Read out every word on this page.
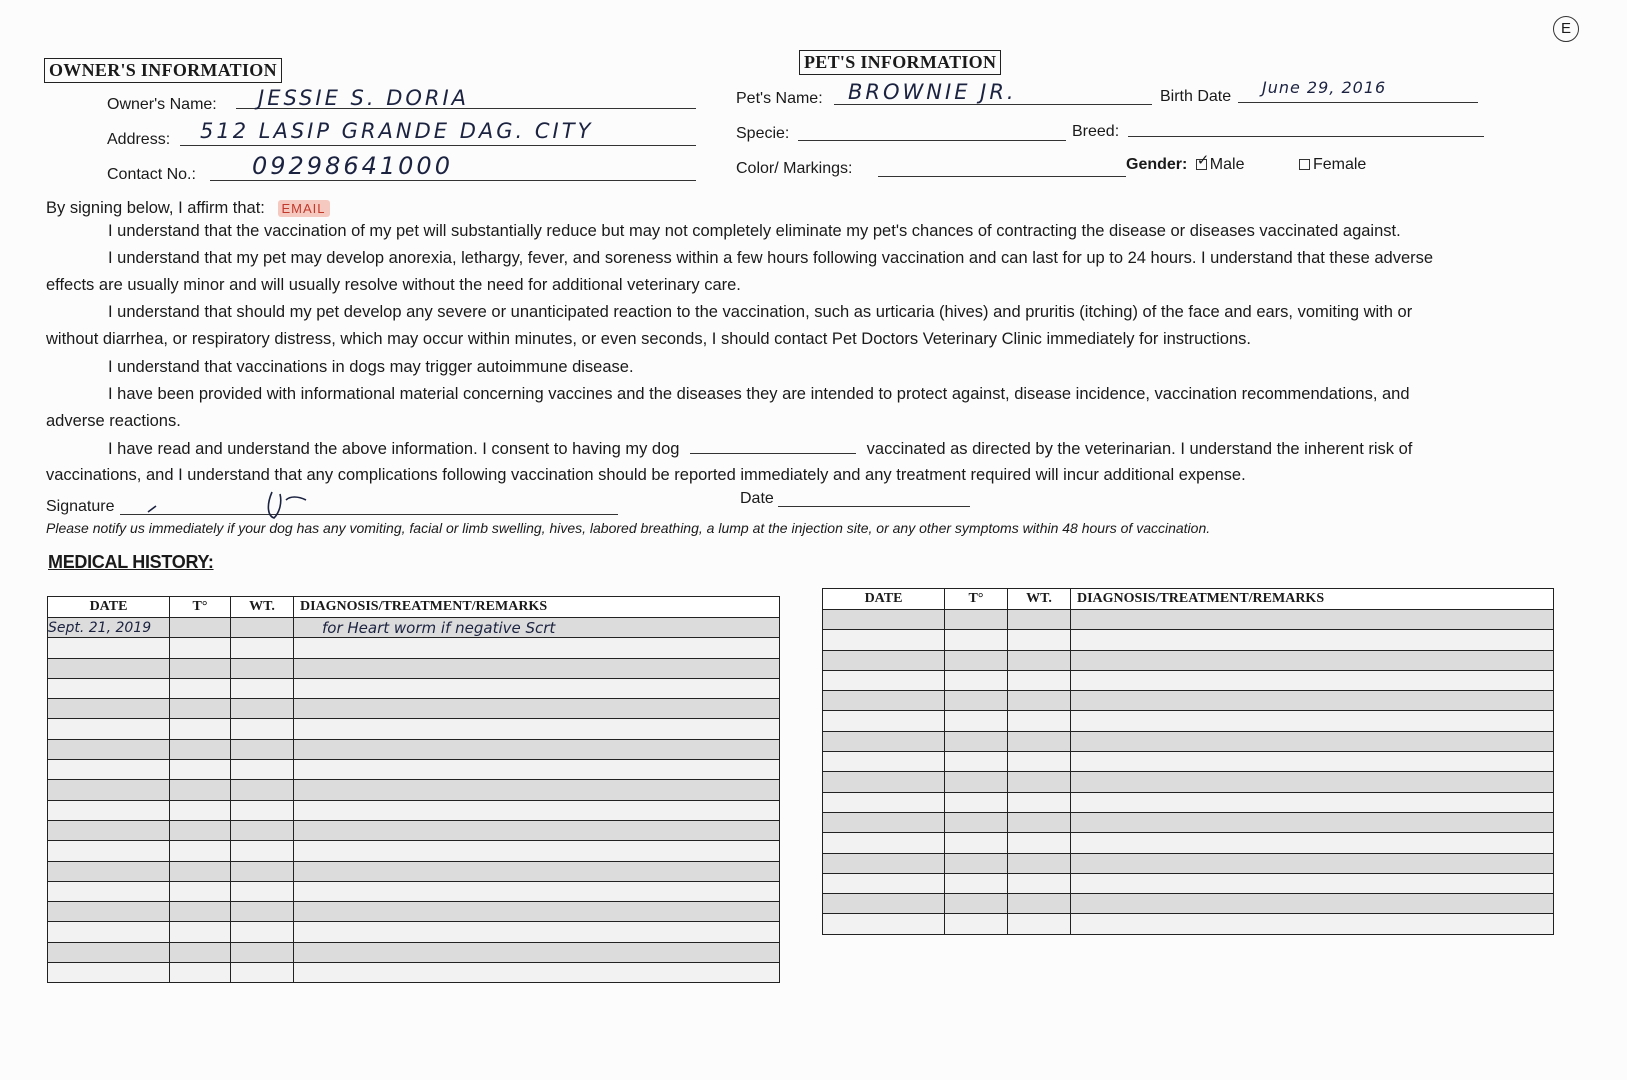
E
OWNER'S INFORMATION
Owner's Name: JESSIE S. DORIA
Address: 512 LASIP GRANDE DAG. CITY
Contact No.: 09298641000
PET'S INFORMATION
Pet's Name: BROWNIE JR.	Birth Date June 29, 2016
Specie:	Breed:
Color/ Markings:	Gender: ✓ Male	Female
By signing below, I affirm that: EMAIL
I understand that the vaccination of my pet will substantially reduce but may not completely eliminate my pet's chances of contracting the disease or diseases vaccinated against.
I understand that my pet may develop anorexia, lethargy, fever, and soreness within a few hours following vaccination and can last for up to 24 hours. I understand that these adverse
effects are usually minor and will usually resolve without the need for additional veterinary care.
I understand that should my pet develop any severe or unanticipated reaction to the vaccination, such as urticaria (hives) and pruritis (itching) of the face and ears, vomiting with or
without diarrhea, or respiratory distress, which may occur within minutes, or even seconds, I should contact Pet Doctors Veterinary Clinic immediately for instructions.
I understand that vaccinations in dogs may trigger autoimmune disease.
I have been provided with informational material concerning vaccines and the diseases they are intended to protect against, disease incidence, vaccination recommendations, and
adverse reactions.
I have read and understand the above information. I consent to having my dog	vaccinated as directed by the veterinarian. I understand the inherent risk of
vaccinations, and I understand that any complications following vaccination should be reported immediately and any treatment required will incur additional expense.
Signature	Date
Please notify us immediately if your dog has any vomiting, facial or limb swelling, hives, labored breathing, a lump at the injection site, or any other symptoms within 48 hours of vaccination.
MEDICAL HISTORY:
DATE	T°	WT.	DIAGNOSIS/TREATMENT/REMARKS
Sept. 21, 2019			for Heart worm if negative Scrt

DATE	T°	WT.	DIAGNOSIS/TREATMENT/REMARKS
